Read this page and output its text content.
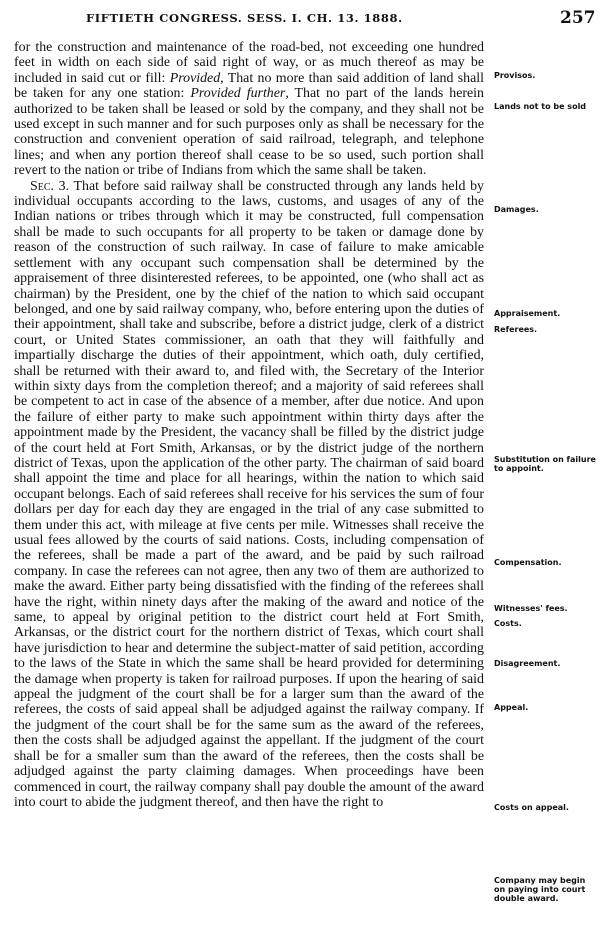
FIFTIETH CONGRESS. SESS. I. CH. 13. 1888.	257

for the construction and maintenance of the road-bed, not exceeding one hundred feet in width on each side of said right of way, or as much thereof as may be included in said cut or fill: Provided, That no more than said addition of land shall be taken for any one station: Provided further, That no part of the lands herein authorized to be taken shall be leased or sold by the company, and they shall not be used except in such manner and for such purposes only as shall be necessary for the construction and convenient operation of said railroad, telegraph, and telephone lines; and when any portion thereof shall cease to be so used, such portion shall revert to the nation or tribe of Indians from which the same shall be taken.

Sec. 3. That before said railway shall be constructed through any lands held by individual occupants according to the laws, customs, and usages of any of the Indian nations or tribes through which it may be constructed, full compensation shall be made to such occupants for all property to be taken or damage done by reason of the construction of such railway. In case of failure to make amicable settlement with any occupant such compensation shall be determined by the appraisement of three disinterested referees, to be appointed, one (who shall act as chairman) by the President, one by the chief of the nation to which said occupant belonged, and one by said railway company, who, before entering upon the duties of their appointment, shall take and subscribe, before a district judge, clerk of a district court, or United States commissioner, an oath that they will faithfully and impartially discharge the duties of their appointment, which oath, duly certified, shall be returned with their award to, and filed with, the Secretary of the Interior within sixty days from the completion thereof; and a majority of said referees shall be competent to act in case of the absence of a member, after due notice. And upon the failure of either party to make such appointment within thirty days after the appointment made by the President, the vacancy shall be filled by the district judge of the court held at Fort Smith, Arkansas, or by the district judge of the northern district of Texas, upon the application of the other party. The chairman of said board shall appoint the time and place for all hearings, within the nation to which said occupant belongs. Each of said referees shall receive for his services the sum of four dollars per day for each day they are engaged in the trial of any case submitted to them under this act, with mileage at five cents per mile. Witnesses shall receive the usual fees allowed by the courts of said nations. Costs, including compensation of the referees, shall be made a part of the award, and be paid by such railroad company. In case the referees can not agree, then any two of them are authorized to make the award. Either party being dissatisfied with the finding of the referees shall have the right, within ninety days after the making of the award and notice of the same, to appeal by original petition to the district court held at Fort Smith, Arkansas, or the district court for the northern district of Texas, which court shall have jurisdiction to hear and determine the subject-matter of said petition, according to the laws of the State in which the same shall be heard provided for determining the damage when property is taken for railroad purposes. If upon the hearing of said appeal the judgment of the court shall be for a larger sum than the award of the referees, the costs of said appeal shall be adjudged against the railway company. If the judgment of the court shall be for the same sum as the award of the referees, then the costs shall be adjudged against the appellant. If the judgment of the court shall be for a smaller sum than the award of the referees, then the costs shall be adjudged against the party claiming damages. When proceedings have been commenced in court, the railway company shall pay double the amount of the award into court to abide the judgment thereof, and then have the right to

Provisos.
Lands not to be sold
Damages.
Appraisement.
Referees.
Substitution on failure to appoint.
Compensation.
Witnesses' fees.
Costs.
Disagreement.
Appeal.
Costs on appeal.
Company may begin on paying into court double award.
